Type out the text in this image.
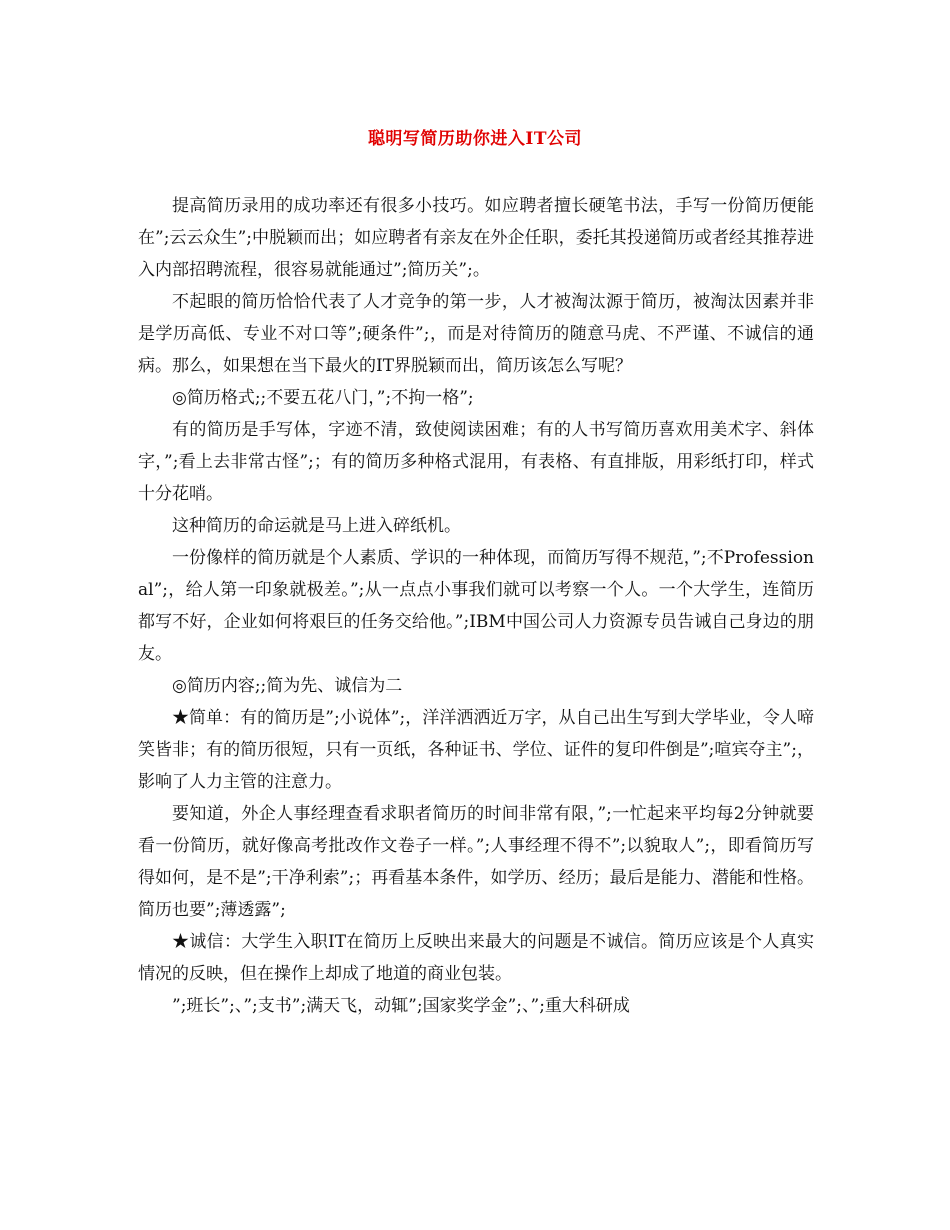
聪明写简历助你进入IT公司

提高简历录用的成功率还有很多小技巧。如应聘者擅长硬笔书法，手写一份简历便能在”;云云众生”;中脱颖而出；如应聘者有亲友在外企任职，委托其投递简历或者经其推荐进入内部招聘流程，很容易就能通过”;简历关”;。

不起眼的简历恰恰代表了人才竞争的第一步，人才被淘汰源于简历，被淘汰因素并非是学历高低、专业不对口等”;硬条件”;，而是对待简历的随意马虎、不严谨、不诚信的通病。那么，如果想在当下最火的IT界脱颖而出，简历该怎么写呢？

◎简历格式;;不要五花八门，”;不拘一格”;

有的简历是手写体，字迹不清，致使阅读困难；有的人书写简历喜欢用美术字、斜体字，”;看上去非常古怪”;；有的简历多种格式混用，有表格、有直排版，用彩纸打印，样式十分花哨。

这种简历的命运就是马上进入碎纸机。

一份像样的简历就是个人素质、学识的一种体现，而简历写得不规范，”;不Professional”;，给人第一印象就极差。”;从一点点小事我们就可以考察一个人。一个大学生，连简历都写不好，企业如何将艰巨的任务交给他。”;IBM中国公司人力资源专员告诫自己身边的朋友。

◎简历内容;;简为先、诚信为二

★简单：有的简历是”;小说体”;，洋洋洒洒近万字，从自己出生写到大学毕业，令人啼笑皆非；有的简历很短，只有一页纸，各种证书、学位、证件的复印件倒是”;喧宾夺主”;，影响了人力主管的注意力。

要知道，外企人事经理查看求职者简历的时间非常有限，”;一忙起来平均每2分钟就要看一份简历，就好像高考批改作文卷子一样。”;人事经理不得不”;以貌取人”;，即看简历写得如何，是不是”;干净利索”;；再看基本条件，如学历、经历；最后是能力、潜能和性格。简历也要”;薄透露”;

★诚信：大学生入职IT在简历上反映出来最大的问题是不诚信。简历应该是个人真实情况的反映，但在操作上却成了地道的商业包装。

”;班长”;、”;支书”;满天飞，动辄”;国家奖学金”;、”;重大科研成
